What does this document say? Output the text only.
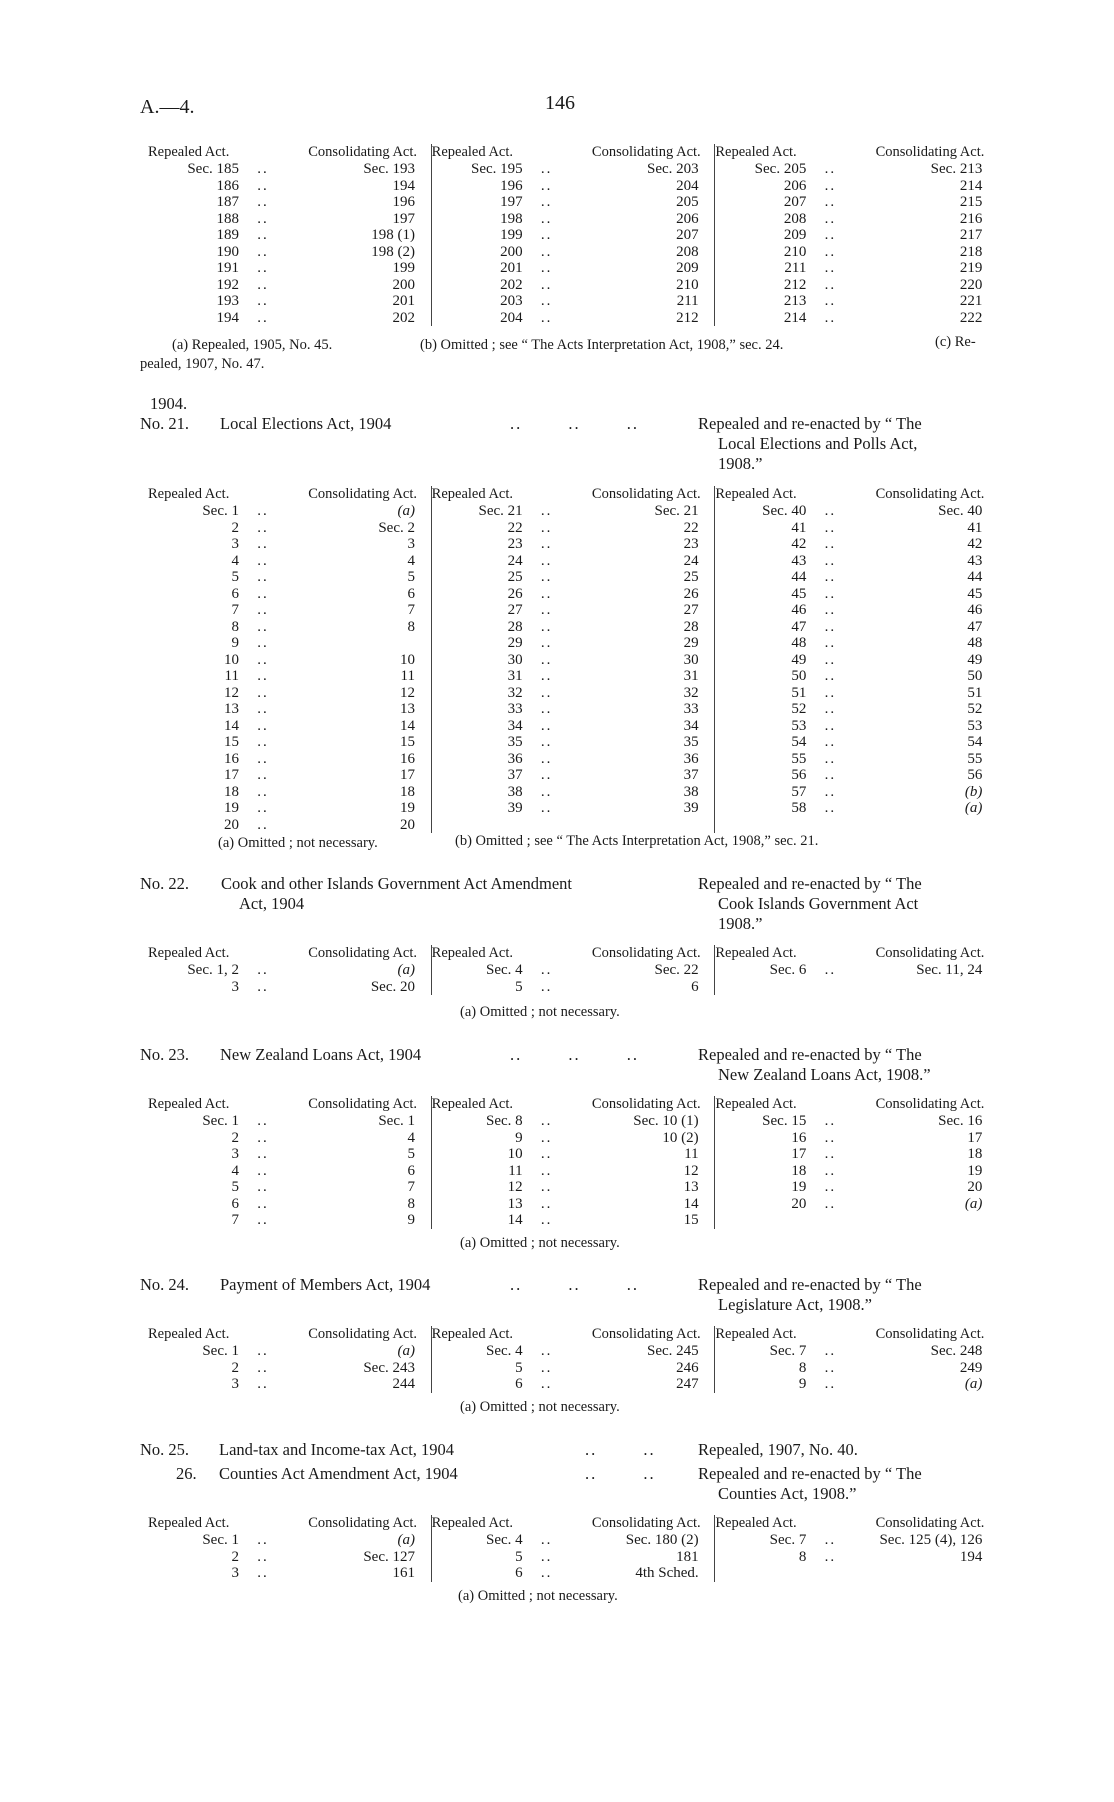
A.—4.	146
Repealed Act.	Consolidating Act.
Sec. 185	..	Sec. 193
186	..	194
187	..	196
188	..	197
189	..	198 (1)
190	..	198 (2)
191	..	199
192	..	200
193	..	201
194	..	202
Repealed Act.	Consolidating Act.
Sec. 195	..	Sec. 203
196	..	204
197	..	205
198	..	206
199	..	207
200	..	208
201	..	209
202	..	210
203	..	211
204	..	212
Repealed Act.	Consolidating Act.
Sec. 205	..	Sec. 213
206	..	214
207	..	215
208	..	216
209	..	217
210	..	218
211	..	219
212	..	220
213	..	221
214	..	222
(a) Repealed, 1905, No. 45.	(b) Omitted ; see “ The Acts Interpretation Act, 1908,” sec. 24.	(c) Re-
pealed, 1907, No. 47.
1904.
No. 21. Local Elections Act, 1904	.. .. ..	Repealed and re-enacted by “ The
Local Elections and Polls Act,
1908.”
Repealed Act.	Consolidating Act.
Sec. 1	..	(a)
2	..	Sec. 2
3	..	3
4	..	4
5	..	5
6	..	6
7	..	7
8	..	8
9	..
10	..	10
11	..	11
12	..	12
13	..	13
14	..	14
15	..	15
16	..	16
17	..	17
18	..	18
19	..	19
20	..	20
Repealed Act.	Consolidating Act.
Sec. 21	..	Sec. 21
22	..	22
23	..	23
24	..	24
25	..	25
26	..	26
27	..	27
28	..	28
29	..	29
30	..	30
31	..	31
32	..	32
33	..	33
34	..	34
35	..	35
36	..	36
37	..	37
38	..	38
39	..	39
Repealed Act.	Consolidating Act.
Sec. 40	..	Sec. 40
41	..	41
42	..	42
43	..	43
44	..	44
45	..	45
46	..	46
47	..	47
48	..	48
49	..	49
50	..	50
51	..	51
52	..	52
53	..	53
54	..	54
55	..	55
56	..	56
57	..	(b)
58	..	(a)
(a) Omitted ; not necessary.	(b) Omitted ; see “ The Acts Interpretation Act, 1908,” sec. 21.
No. 22. Cook and other Islands Government Act Amendment
Act, 1904
Repealed and re-enacted by “ The
Cook Islands Government Act
1908.”
Repealed Act.	Consolidating Act.
Sec. 1, 2	..	(a)
3	..	Sec. 20
Repealed Act.	Consolidating Act.
Sec. 4	..	Sec. 22
5	..	6
Repealed Act.	Consolidating Act.
Sec. 6	..	Sec. 11, 24
(a) Omitted ; not necessary.
No. 23. New Zealand Loans Act, 1904	.. .. ..	Repealed and re-enacted by “ The
New Zealand Loans Act, 1908.”
Repealed Act.	Consolidating Act.
Sec. 1	..	Sec. 1
2	..	4
3	..	5
4	..	6
5	..	7
6	..	8
7	..	9
Repealed Act.	Consolidating Act.
Sec. 8	..	Sec. 10 (1)
9	..	10 (2)
10	..	11
11	..	12
12	..	13
13	..	14
14	..	15
Repealed Act.	Consolidating Act.
Sec. 15	..	Sec. 16
16	..	17
17	..	18
18	..	19
19	..	20
20	..	(a)
(a) Omitted ; not necessary.
No. 24. Payment of Members Act, 1904	.. .. ..	Repealed and re-enacted by “ The
Legislature Act, 1908.”
Repealed Act.	Consolidating Act.
Sec. 1	..	(a)
2	..	Sec. 243
3	..	244
Repealed Act.	Consolidating Act.
Sec. 4	..	Sec. 245
5	..	246
6	..	247
Repealed Act.	Consolidating Act.
Sec. 7	..	Sec. 248
8	..	249
9	..	(a)
(a) Omitted ; not necessary.
No. 25. Land-tax and Income-tax Act, 1904	.. ..	Repealed, 1907, No. 40.
26. Counties Act Amendment Act, 1904	.. ..	Repealed and re-enacted by “ The
Counties Act, 1908.”
Repealed Act.	Consolidating Act.
Sec. 1	..	(a)
2	..	Sec. 127
3	..	161
Repealed Act.	Consolidating Act.
Sec. 4	..	Sec. 180 (2)
5	..	181
6	..	4th Sched.
Repealed Act.	Consolidating Act.
Sec. 7	..	Sec. 125 (4), 126
8	..	194
(a) Omitted ; not necessary.
